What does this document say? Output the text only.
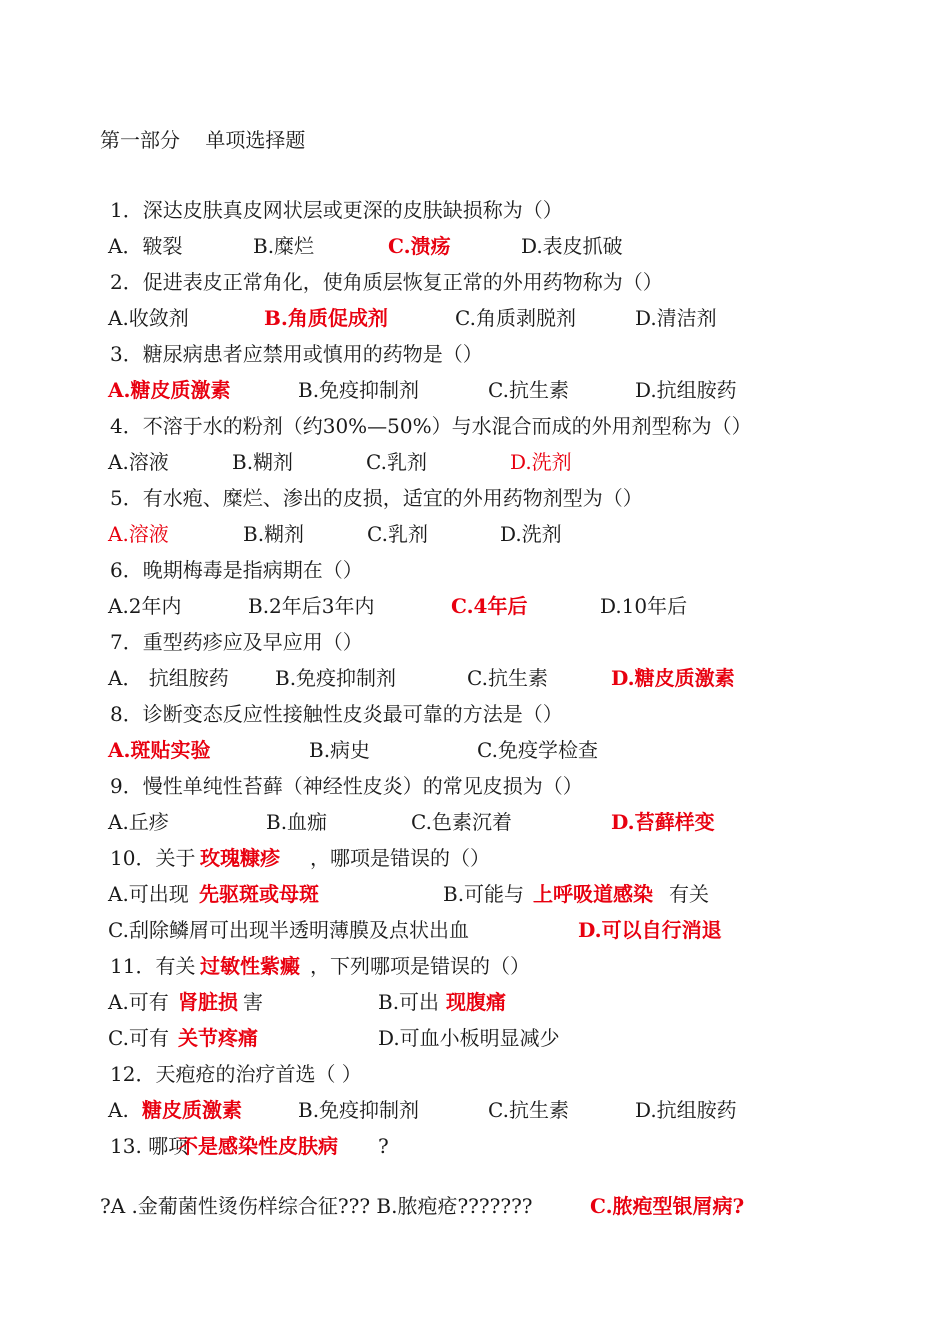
第一部分    单项选择题
1．深达皮肤真皮网状层或更深的皮肤缺损称为（）
A．皲裂	B.糜烂	C.溃疡	D.表皮抓破
2．促进表皮正常角化，使角质层恢复正常的外用药物称为（）
A.收敛剂	B.角质促成剂	C.角质剥脱剂	D.清洁剂
3．糖尿病患者应禁用或慎用的药物是（）
A.糖皮质激素	B.免疫抑制剂	C.抗生素	D.抗组胺药
4．不溶于水的粉剂（约30%—50%）与水混合而成的外用剂型称为（）
A.溶液	B.糊剂	C.乳剂	D.洗剂
5．有水疱、糜烂、渗出的皮损，适宜的外用药物剂型为（）
A.溶液	B.糊剂	C.乳剂	D.洗剂
6．晚期梅毒是指病期在（）
A.2年内	B.2年后3年内	C.4年后	D.10年后
7．重型药疹应及早应用（）
A． 抗组胺药 B.免疫抑制剂	C.抗生素	D.糖皮质激素
8．诊断变态反应性接触性皮炎最可靠的方法是（）
A.斑贴实验	B.病史	C.免疫学检查
9．慢性单纯性苔藓（神经性皮炎）的常见皮损为（）
A.丘疹	B.血痂	C.色素沉着	D.苔藓样变
10．关于 玫瑰糠疹 ，哪项是错误的（）
A.可出现 先驱斑或母斑	B.可能与 上呼吸道感染 有关
C.刮除鳞屑可出现半透明薄膜及点状出血	D.可以自行消退
11．有关 过敏性紫癜 ，下列哪项是错误的（）
A.可有 肾脏损 害	B.可出 现腹痛
C.可有 关节疼痛	D.可血小板明显减少
12．天疱疮的治疗首选（ ）
A. 糖皮质激素	B.免疫抑制剂	C.抗生素	D.抗组胺药
13. 哪项
不是感染性皮肤病 ?
?A .金葡菌性烫伤样综合征??? B.脓疱疮???????	C.脓疱型银屑病?
